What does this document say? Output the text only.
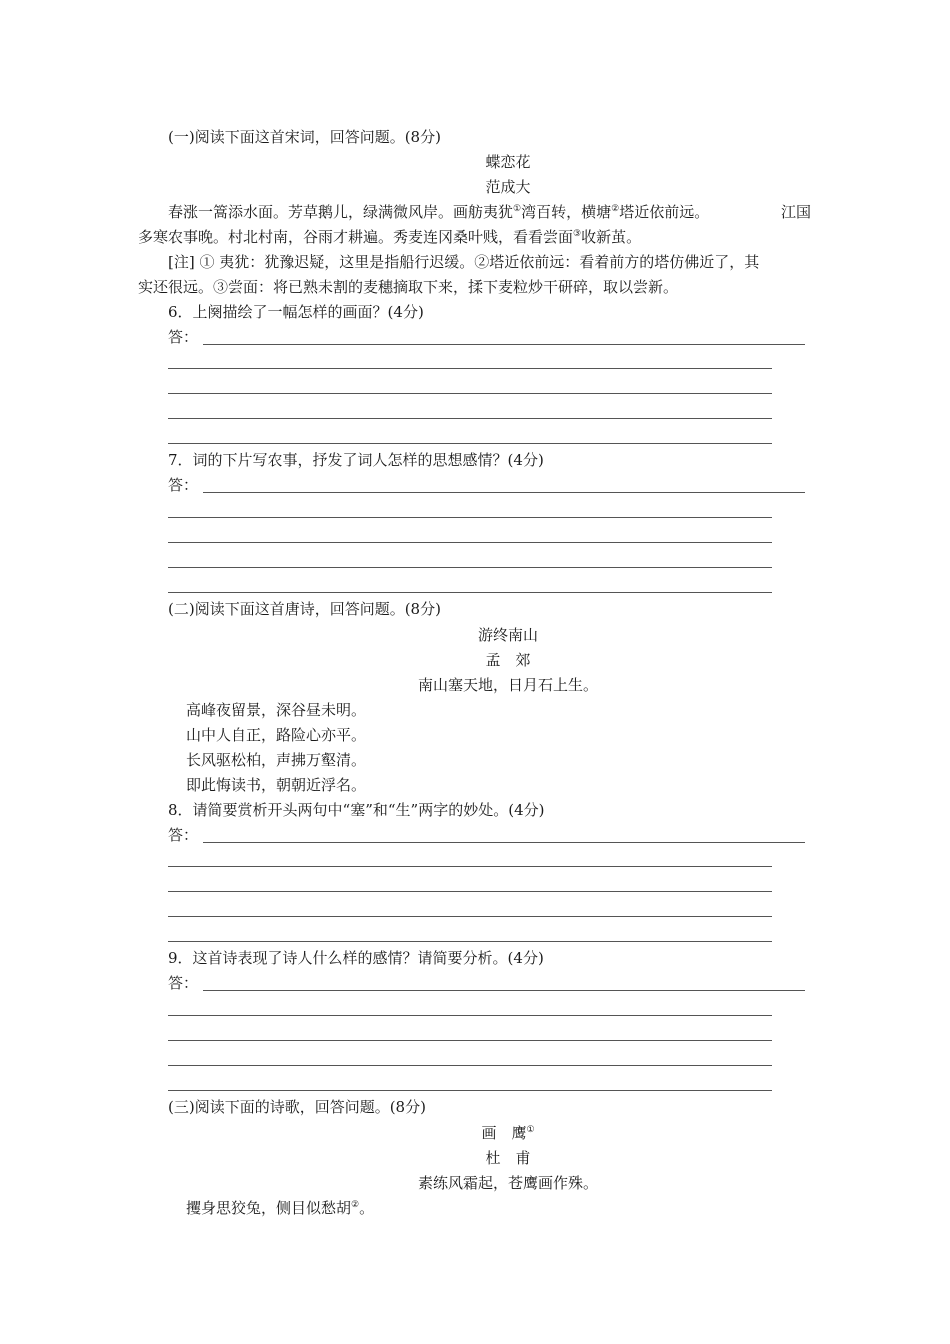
(一)阅读下面这首宋词，回答问题。(8分)
蝶恋花
范成大
春涨一篙添水面。芳草鹅儿，绿满微风岸。画舫夷犹①湾百转，横塘②塔近依前远。	江国
多寒农事晚。村北村南，谷雨才耕遍。秀麦连冈桑叶贱，看看尝面③收新茧。
[注] ① 夷犹：犹豫迟疑，这里是指船行迟缓。②塔近依前远：看着前方的塔仿佛近了，其
实还很远。③尝面：将已熟未割的麦穗摘取下来，揉下麦粒炒干研碎，取以尝新。
6．上阕描绘了一幅怎样的画面？(4分)
答：
7．词的下片写农事，抒发了词人怎样的思想感情？(4分)
答：
(二)阅读下面这首唐诗，回答问题。(8分)
游终南山
孟　郊
南山塞天地，日月石上生。
高峰夜留景，深谷昼未明。
山中人自正，路险心亦平。
长风驱松柏，声拂万壑清。
即此悔读书，朝朝近浮名。
8．请简要赏析开头两句中“塞”和“生”两字的妙处。(4分)
答：
9．这首诗表现了诗人什么样的感情？请简要分析。(4分)
答：
(三)阅读下面的诗歌，回答问题。(8分)
画　鹰①
杜　甫
素练风霜起，苍鹰画作殊。
攫身思狡兔，侧目似愁胡②。
